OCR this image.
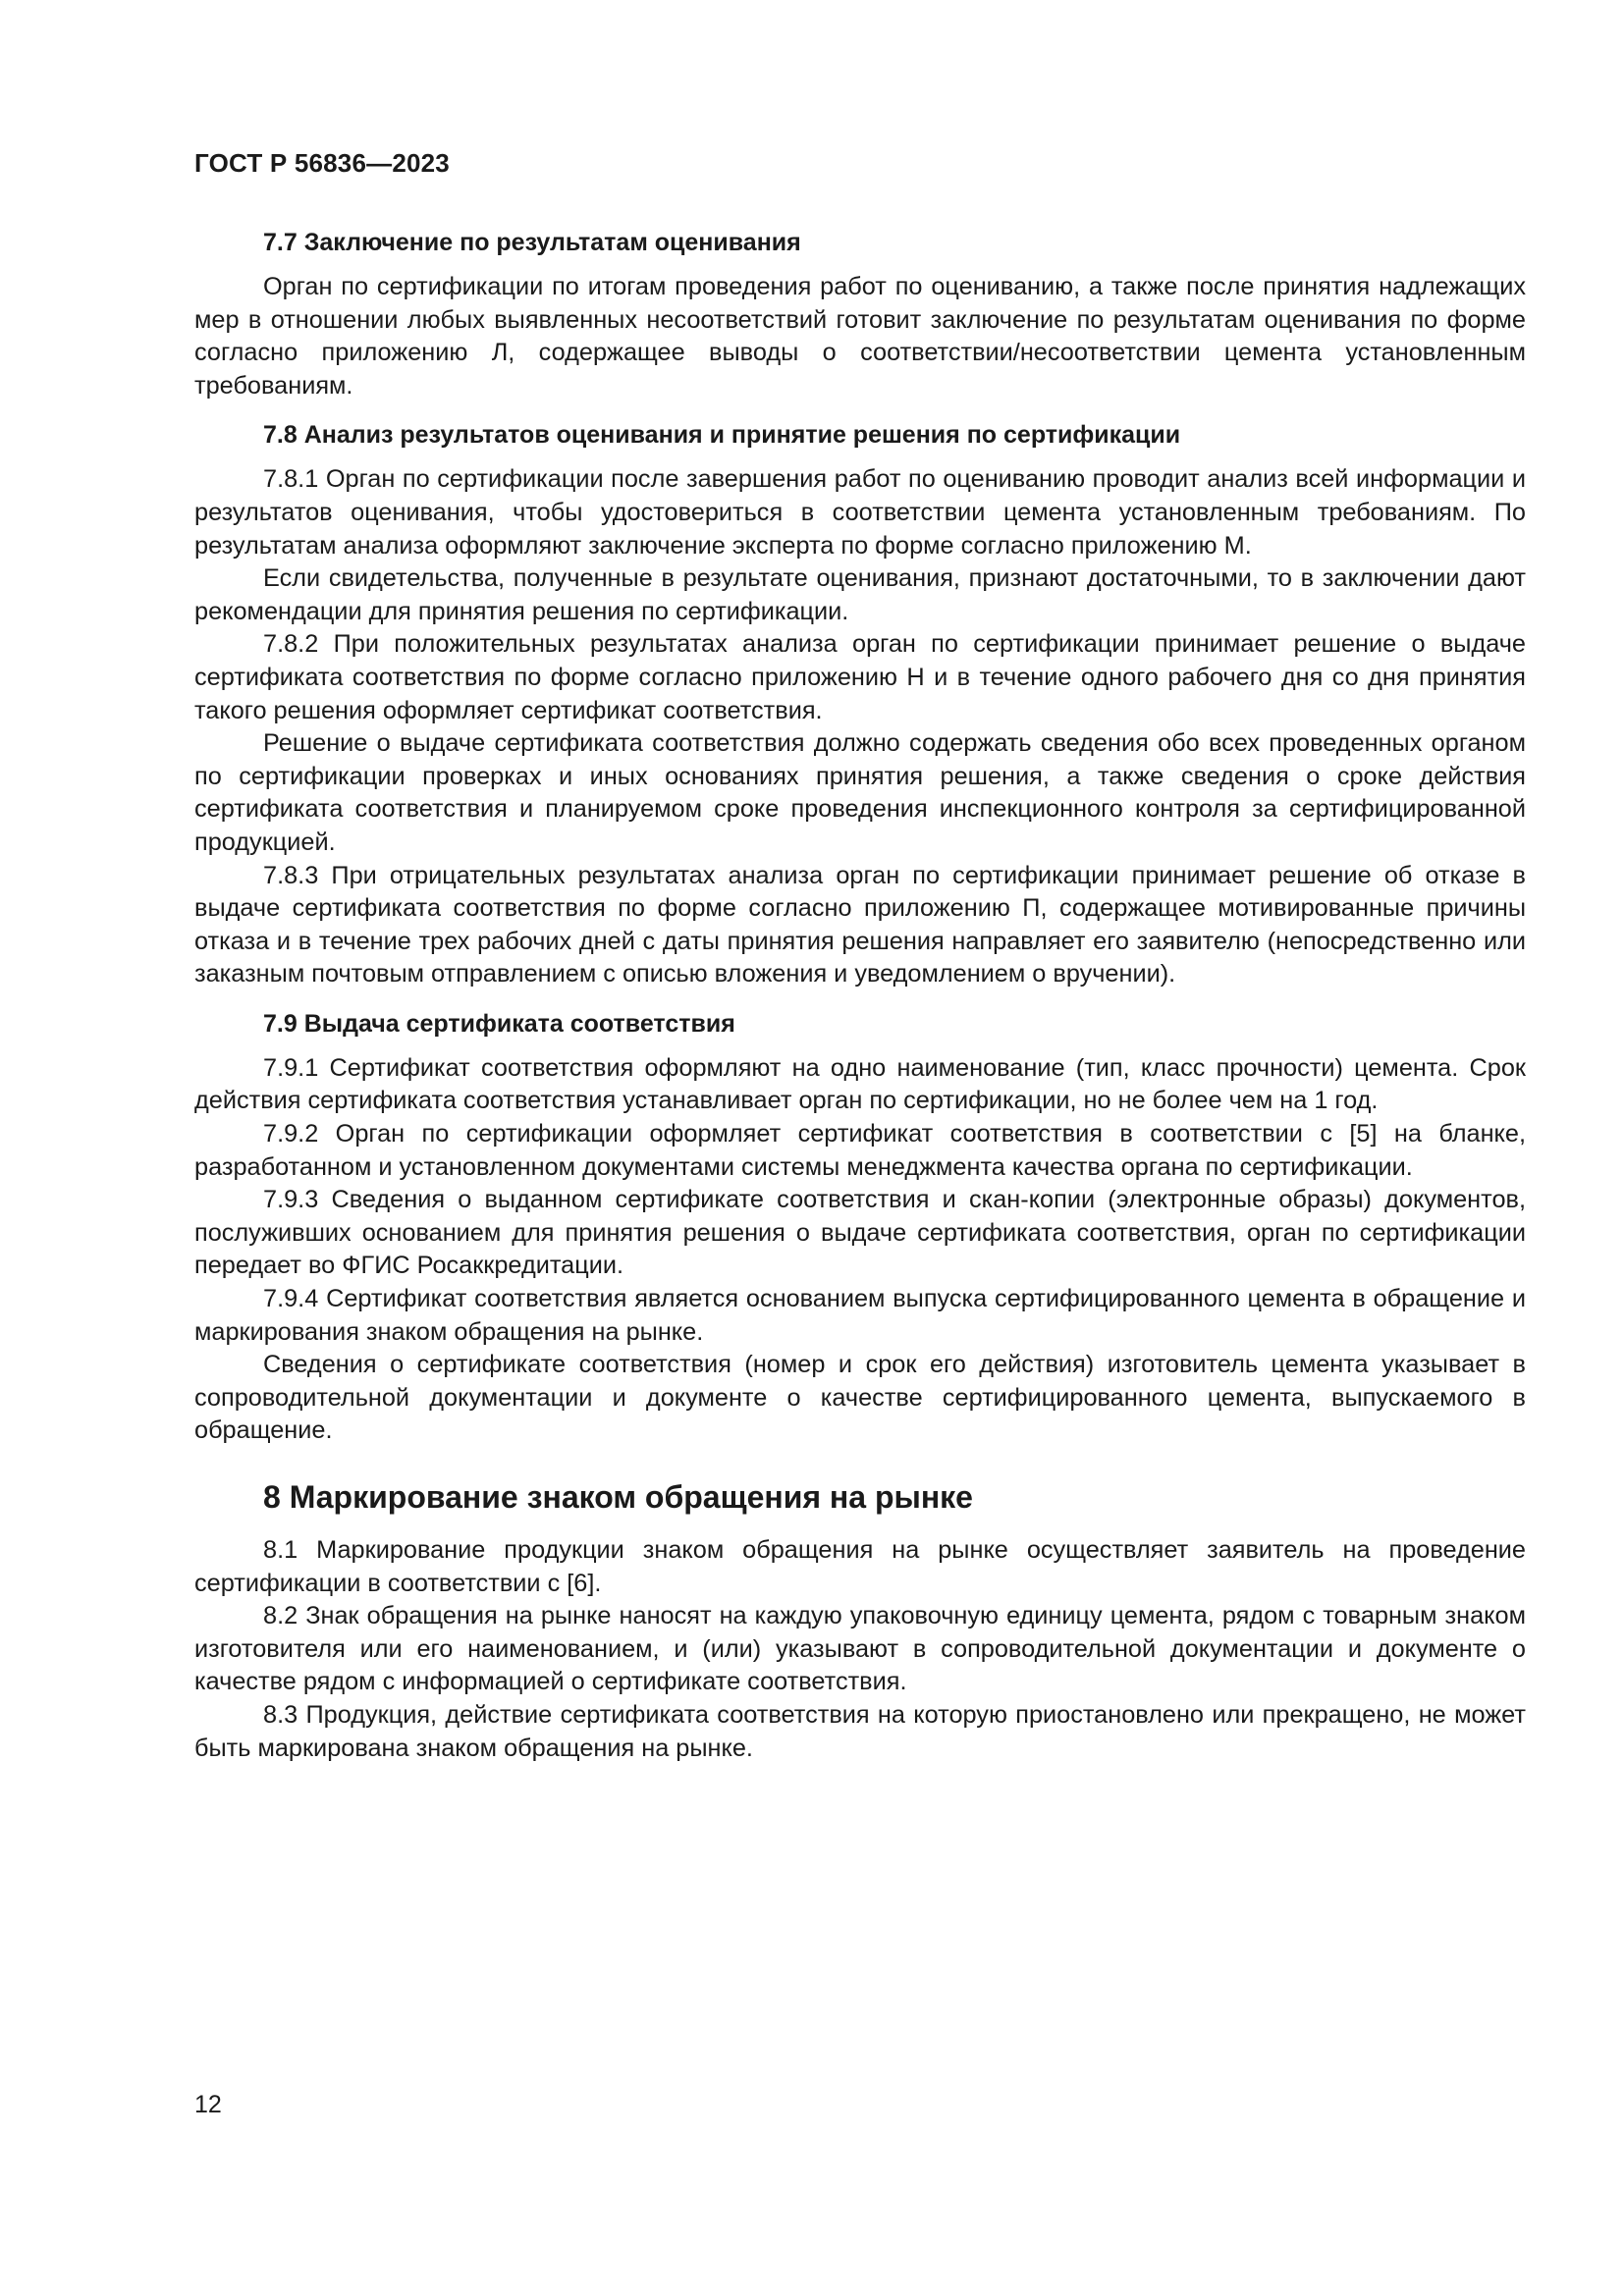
ГОСТ Р 56836—2023
7.7 Заключение по результатам оценивания

Орган по сертификации по итогам проведения работ по оцениванию, а также после принятия надлежащих мер в отношении любых выявленных несоответствий готовит заключение по результатам оценивания по форме согласно приложению Л, содержащее выводы о соответствии/несоответствии цемента установленным требованиям.

7.8 Анализ результатов оценивания и принятие решения по сертификации

7.8.1 Орган по сертификации после завершения работ по оцениванию проводит анализ всей информации и результатов оценивания, чтобы удостовериться в соответствии цемента установленным требованиям. По результатам анализа оформляют заключение эксперта по форме согласно приложению М.

Если свидетельства, полученные в результате оценивания, признают достаточными, то в заключении дают рекомендации для принятия решения по сертификации.

7.8.2 При положительных результатах анализа орган по сертификации принимает решение о выдаче сертификата соответствия по форме согласно приложению Н и в течение одного рабочего дня со дня принятия такого решения оформляет сертификат соответствия.

Решение о выдаче сертификата соответствия должно содержать сведения обо всех проведенных органом по сертификации проверках и иных основаниях принятия решения, а также сведения о сроке действия сертификата соответствия и планируемом сроке проведения инспекционного контроля за сертифицированной продукцией.

7.8.3 При отрицательных результатах анализа орган по сертификации принимает решение об отказе в выдаче сертификата соответствия по форме согласно приложению П, содержащее мотивированные причины отказа и в течение трех рабочих дней с даты принятия решения направляет его заявителю (непосредственно или заказным почтовым отправлением с описью вложения и уведомлением о вручении).

7.9 Выдача сертификата соответствия

7.9.1 Сертификат соответствия оформляют на одно наименование (тип, класс прочности) цемента. Срок действия сертификата соответствия устанавливает орган по сертификации, но не более чем на 1 год.

7.9.2 Орган по сертификации оформляет сертификат соответствия в соответствии с [5] на бланке, разработанном и установленном документами системы менеджмента качества органа по сертификации.

7.9.3 Сведения о выданном сертификате соответствия и скан-копии (электронные образы) документов, послуживших основанием для принятия решения о выдаче сертификата соответствия, орган по сертификации передает во ФГИС Росаккредитации.

7.9.4 Сертификат соответствия является основанием выпуска сертифицированного цемента в обращение и маркирования знаком обращения на рынке.

Сведения о сертификате соответствия (номер и срок его действия) изготовитель цемента указывает в сопроводительной документации и документе о качестве сертифицированного цемента, выпускаемого в обращение.

8 Маркирование знаком обращения на рынке

8.1 Маркирование продукции знаком обращения на рынке осуществляет заявитель на проведение сертификации в соответствии с [6].

8.2 Знак обращения на рынке наносят на каждую упаковочную единицу цемента, рядом с товарным знаком изготовителя или его наименованием, и (или) указывают в сопроводительной документации и документе о качестве рядом с информацией о сертификате соответствия.

8.3 Продукция, действие сертификата соответствия на которую приостановлено или прекращено, не может быть маркирована знаком обращения на рынке.

12
